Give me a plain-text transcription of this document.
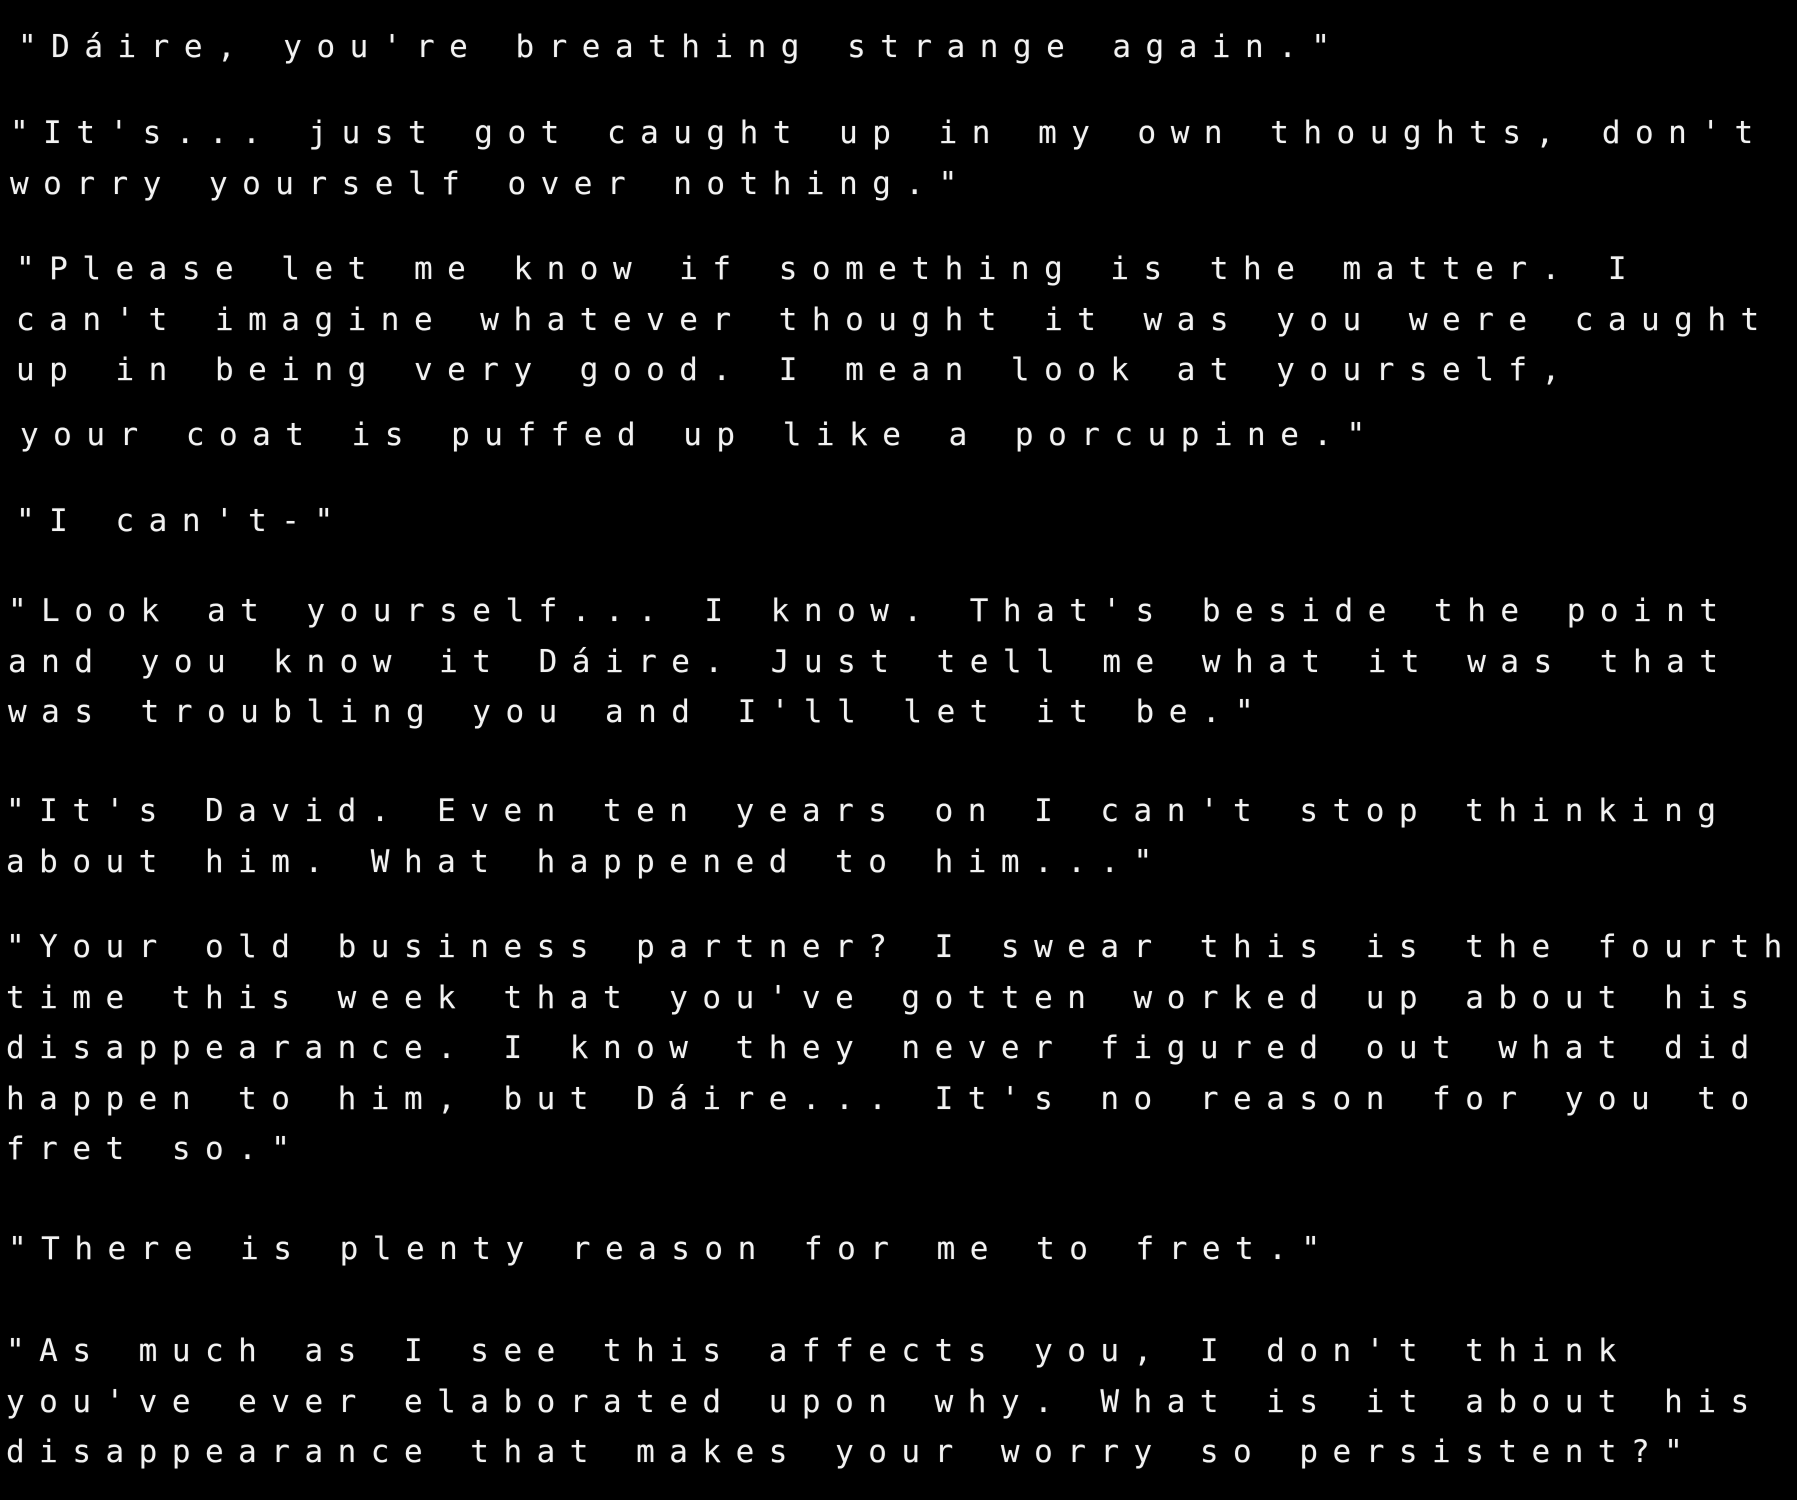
"Dáire, you're breathing strange again."

"It's... just got caught up in my own thoughts, don't
worry yourself over nothing."

"Please let me know if something is the matter. I
can't imagine whatever thought it was you were caught
up in being very good. I mean look at yourself,

your coat is puffed up like a porcupine."

"I can't-"

"Look at yourself... I know. That's beside the point
and you know it Dáire. Just tell me what it was that
was troubling you and I'll let it be."

"It's David. Even ten years on I can't stop thinking
about him. What happened to him..."

"Your old business partner? I swear this is the fourth
time this week that you've gotten worked up about his
disappearance. I know they never figured out what did
happen to him, but Dáire... It's no reason for you to
fret so."

"There is plenty reason for me to fret."

"As much as I see this affects you, I don't think
you've ever elaborated upon why. What is it about his
disappearance that makes your worry so persistent?"
